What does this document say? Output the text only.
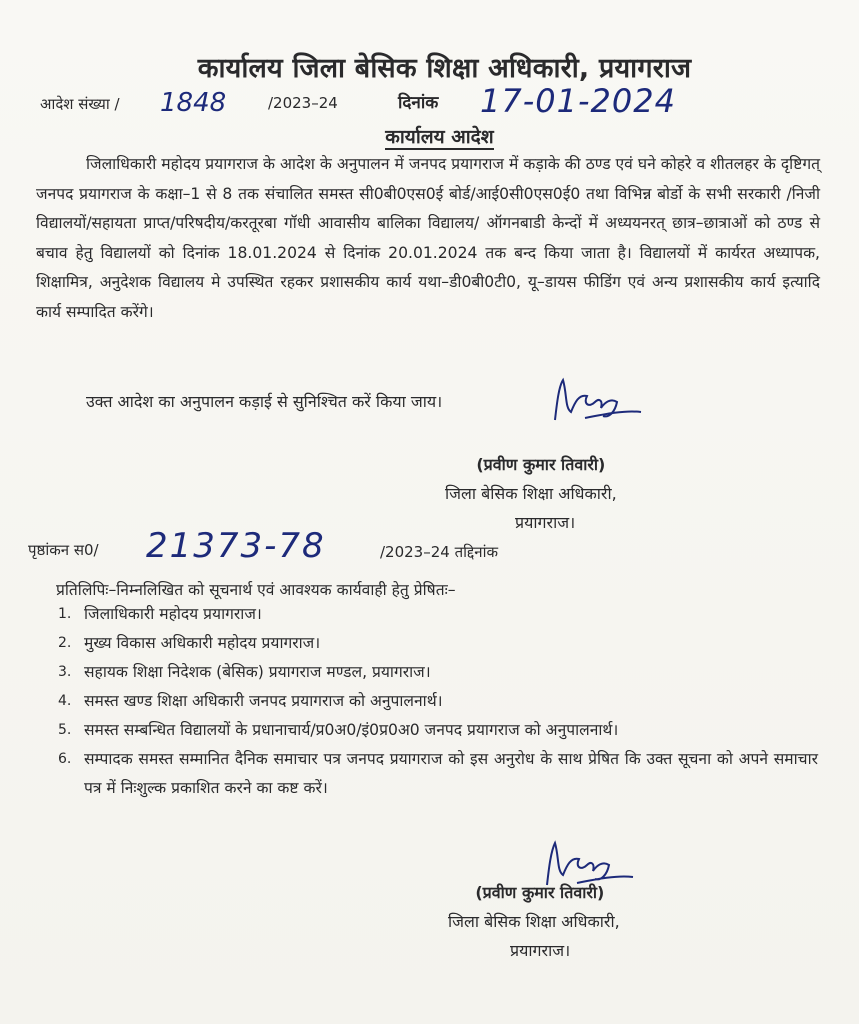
कार्यालय जिला बेसिक शिक्षा अधिकारी, प्रयागराज
आदेश संख्या / 1848	/2023–24	दिनांक 17-01-2024
कार्यालय आदेश

जिलाधिकारी महोदय प्रयागराज के आदेश के अनुपालन में जनपद प्रयागराज में कड़ाके की ठण्ड एवं घने कोहरे व शीतलहर के दृष्टिगत् जनपद प्रयागराज के कक्षा–1 से 8 तक संचालित समस्त सी0बी0एस0ई बोर्ड/आई0सी0एस0ई0 तथा विभिन्न बोर्डो के सभी सरकारी /निजी विद्यालयों/सहायता प्राप्त/परिषदीय/करतूरबा गॉधी आवासीय बालिका विद्यालय/ ऑगनबाडी केन्दों में अध्ययनरत् छात्र–छात्राओं को ठण्ड से बचाव हेतु विद्यालयों को दिनांक 18.01.2024 से दिनांक 20.01.2024 तक बन्द किया जाता है। विद्यालयों में कार्यरत अध्यापक, शिक्षामित्र, अनुदेशक विद्यालय मे उपस्थित रहकर प्रशासकीय कार्य यथा–डी0बी0टी0, यू–डायस फीडिंग एवं अन्य प्रशासकीय कार्य इत्यादि कार्य सम्पादित करेंगे।

उक्त आदेश का अनुपालन कड़ाई से सुनिश्चित करें किया जाय।

(प्रवीण कुमार तिवारी)
जिला बेसिक शिक्षा अधिकारी,
प्रयागराज।
पृष्ठांकन स0/ 21373-78	/2023–24 तद्दिनांक

प्रतिलिपिः–निम्नलिखित को सूचनार्थ एवं आवश्यक कार्यवाही हेतु प्रेषितः–

1. जिलाधिकारी महोदय प्रयागराज।
2. मुख्य विकास अधिकारी महोदय प्रयागराज।
3. सहायक शिक्षा निदेशक (बेसिक) प्रयागराज मण्डल, प्रयागराज।
4. समस्त खण्ड शिक्षा अधिकारी जनपद प्रयागराज को अनुपालनार्थ।
5. समस्त सम्बन्धित विद्यालयों के प्रधानाचार्य/प्र0अ0/इं0प्र0अ0 जनपद प्रयागराज को अनुपालनार्थ।
6. सम्पादक समस्त सम्मानित दैनिक समाचार पत्र जनपद प्रयागराज को इस अनुरोध के साथ प्रेषित कि उक्त सूचना को अपने समाचार पत्र में निःशुल्क प्रकाशित करने का कष्ट करें।
(प्रवीण कुमार तिवारी)
जिला बेसिक शिक्षा अधिकारी,
प्रयागराज।
